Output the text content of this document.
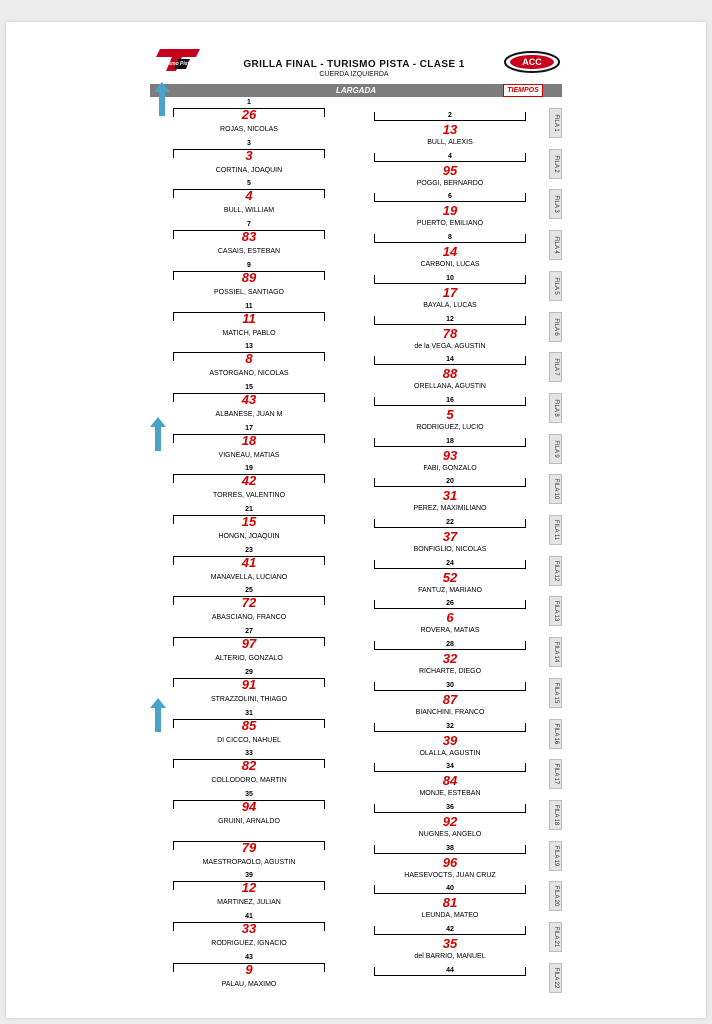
Turismo Pista	GRILLA FINAL - TURISMO PISTA - CLASE 1
CUERDA IZQUIERDA
ACC
LARGADA	TIEMPOS
1
26
ROJAS, NICOLAS
2
13
BULL, ALEXIS
3
3
CORTINA, JOAQUIN
4
95
POGGI, BERNARDO
5
4
BULL, WILLIAM
6
19
PUERTO, EMILIANO
7
83
CASAIS, ESTEBAN
8
14
CARBONI, LUCAS
9
89
POSSIEL, SANTIAGO
10
17
BAYALA, LUCAS
11
11
MATICH, PABLO
12
78
de la VEGA, AGUSTIN
13
8
ASTORGANO, NICOLAS
14
88
ORELLANA, AGUSTIN
15
43
ALBANESE, JUAN M
16
5
RODRIGUEZ, LUCIO
17
18
VIGNEAU, MATIAS
18
93
FABI, GONZALO
19
42
TORRES, VALENTINO
20
31
PEREZ, MAXIMILIANO
21
15
HONGN, JOAQUIN
22
37
BONFIGLIO, NICOLAS
23
41
MANAVELLA, LUCIANO
24
52
FANTUZ, MARIANO
25
72
ABASCIANO, FRANCO
26
6
ROVERA, MATIAS
27
97
ALTERIO, GONZALO
28
32
RICHARTE, DIEGO
29
91
STRAZZOLINI, THIAGO
30
87
BIANCHINI, FRANCO
31
85
DI CICCO, NAHUEL
32
39
OLALLA, AGUSTIN
33
82
COLLODORO, MARTIN
34
84
MONJE, ESTEBAN
35
94
GRUINI, ARNALDO
36
92
NUGNES, ANGELO
79
MAESTROPAOLO, AGUSTIN
38
96
HAESEVOCTS, JUAN CRUZ
39
12
MARTINEZ, JULIAN
40
81
LEUNDA, MATEO
41
33
RODRIGUEZ, IGNACIO
42
35
del BARRIO, MANUEL
43
9
PALAU, MAXIMO
44
FILA 1
FILA 2
FILA 3
FILA 4
FILA 5
FILA 6
FILA 7
FILA 8
FILA 9
FILA 10
FILA 11
FILA 12
FILA 13
FILA 14
FILA 15
FILA 16
FILA 17
FILA 18
FILA 19
FILA 20
FILA 21
FILA 22
